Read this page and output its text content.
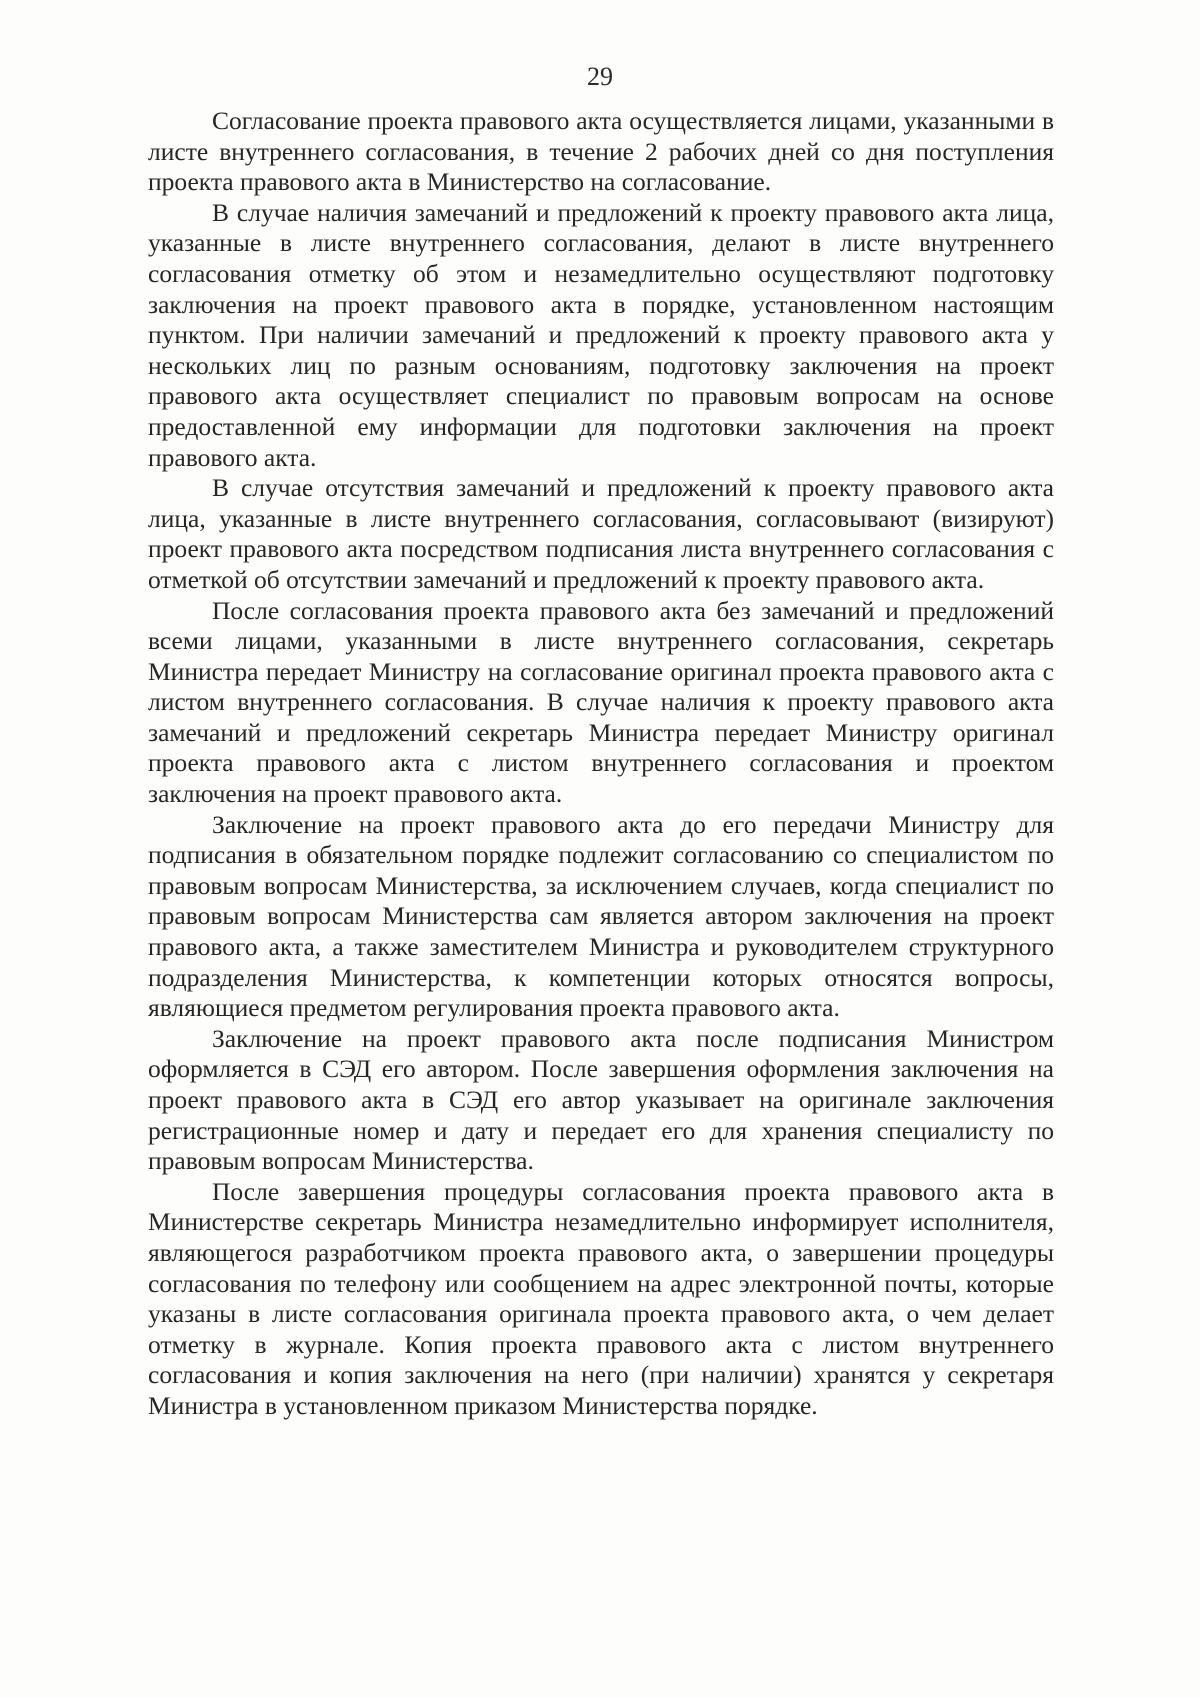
29

Согласование проекта правового акта осуществляется лицами, указанными в листе внутреннего согласования, в течение 2 рабочих дней со дня поступления проекта правового акта в Министерство на согласование.

В случае наличия замечаний и предложений к проекту правового акта лица, указанные в листе внутреннего согласования, делают в листе внутреннего согласования отметку об этом и незамедлительно осуществляют подготовку заключения на проект правового акта в порядке, установленном настоящим пунктом. При наличии замечаний и предложений к проекту правового акта у нескольких лиц по разным основаниям, подготовку заключения на проект правового акта осуществляет специалист по правовым вопросам на основе предоставленной ему информации для подготовки заключения на проект правового акта.

В случае отсутствия замечаний и предложений к проекту правового акта лица, указанные в листе внутреннего согласования, согласовывают (визируют) проект правового акта посредством подписания листа внутреннего согласования с отметкой об отсутствии замечаний и предложений к проекту правового акта.

После согласования проекта правового акта без замечаний и предложений всеми лицами, указанными в листе внутреннего согласования, секретарь Министра передает Министру на согласование оригинал проекта правового акта с листом внутреннего согласования. В случае наличия к проекту правового акта замечаний и предложений секретарь Министра передает Министру оригинал проекта правового акта с листом внутреннего согласования и проектом заключения на проект правового акта.

Заключение на проект правового акта до его передачи Министру для подписания в обязательном порядке подлежит согласованию со специалистом по правовым вопросам Министерства, за исключением случаев, когда специалист по правовым вопросам Министерства сам является автором заключения на проект правового акта, а также заместителем Министра и руководителем структурного подразделения Министерства, к компетенции которых относятся вопросы, являющиеся предметом регулирования проекта правового акта.

Заключение на проект правового акта после подписания Министром оформляется в СЭД его автором. После завершения оформления заключения на проект правового акта в СЭД его автор указывает на оригинале заключения регистрационные номер и дату и передает его для хранения специалисту по правовым вопросам Министерства.

После завершения процедуры согласования проекта правового акта в Министерстве секретарь Министра незамедлительно информирует исполнителя, являющегося разработчиком проекта правового акта, о завершении процедуры согласования по телефону или сообщением на адрес электронной почты, которые указаны в листе согласования оригинала проекта правового акта, о чем делает отметку в журнале. Копия проекта правового акта с листом внутреннего согласования и копия заключения на него (при наличии) хранятся у секретаря Министра в установленном приказом Министерства порядке.
